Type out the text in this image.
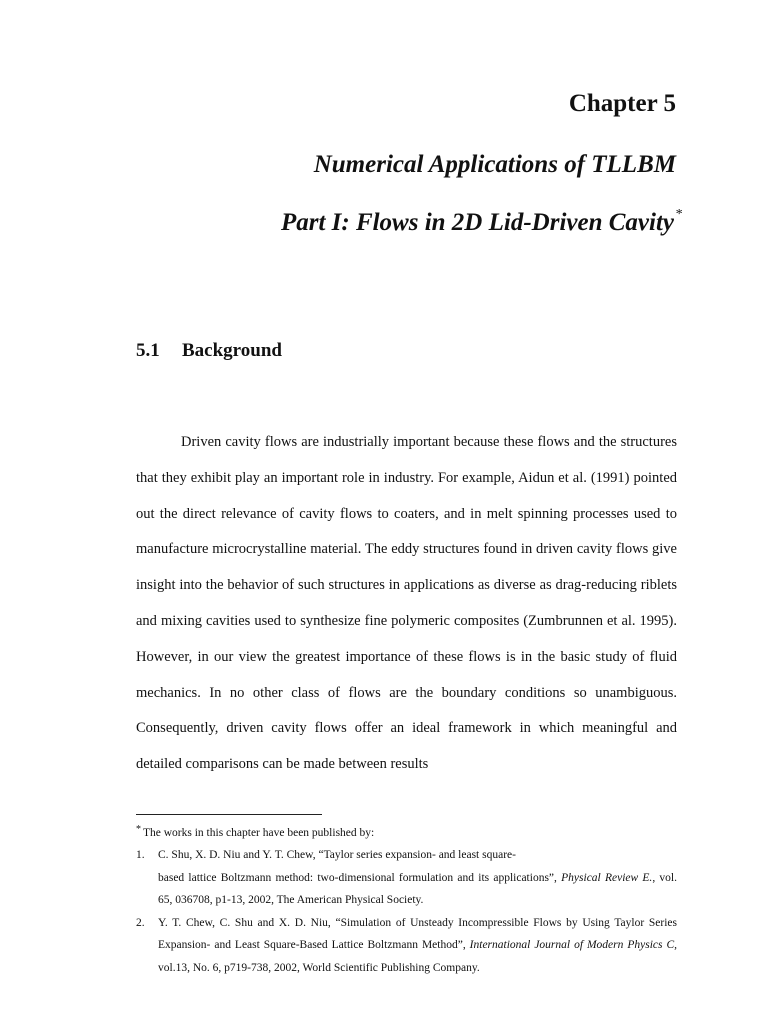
Chapter 5
Numerical Applications of TLLBM
Part I: Flows in 2D Lid-Driven Cavity*
5.1 Background

Driven cavity flows are industrially important because these flows and the structures that they exhibit play an important role in industry. For example, Aidun et al. (1991) pointed out the direct relevance of cavity flows to coaters, and in melt spinning processes used to manufacture microcrystalline material. The eddy structures found in driven cavity flows give insight into the behavior of such structures in applications as diverse as drag-reducing riblets and mixing cavities used to synthesize fine polymeric composites (Zumbrunnen et al. 1995). However, in our view the greatest importance of these flows is in the basic study of fluid mechanics. In no other class of flows are the boundary conditions so unambiguous. Consequently, driven cavity flows offer an ideal framework in which meaningful and detailed comparisons can be made between results

* The works in this chapter have been published by:
1.	C. Shu, X. D. Niu and Y. T. Chew, “Taylor series expansion- and least square-
based lattice Boltzmann method: two-dimensional formulation and its applications”, Physical Review E., vol. 65, 036708, p1-13, 2002, The American Physical Society.
2.	Y. T. Chew, C. Shu and X. D. Niu, “Simulation of Unsteady Incompressible Flows by Using Taylor Series Expansion- and Least Square-Based Lattice Boltzmann Method”, International Journal of Modern Physics C, vol.13, No. 6, p719-738, 2002, World Scientific Publishing Company.
